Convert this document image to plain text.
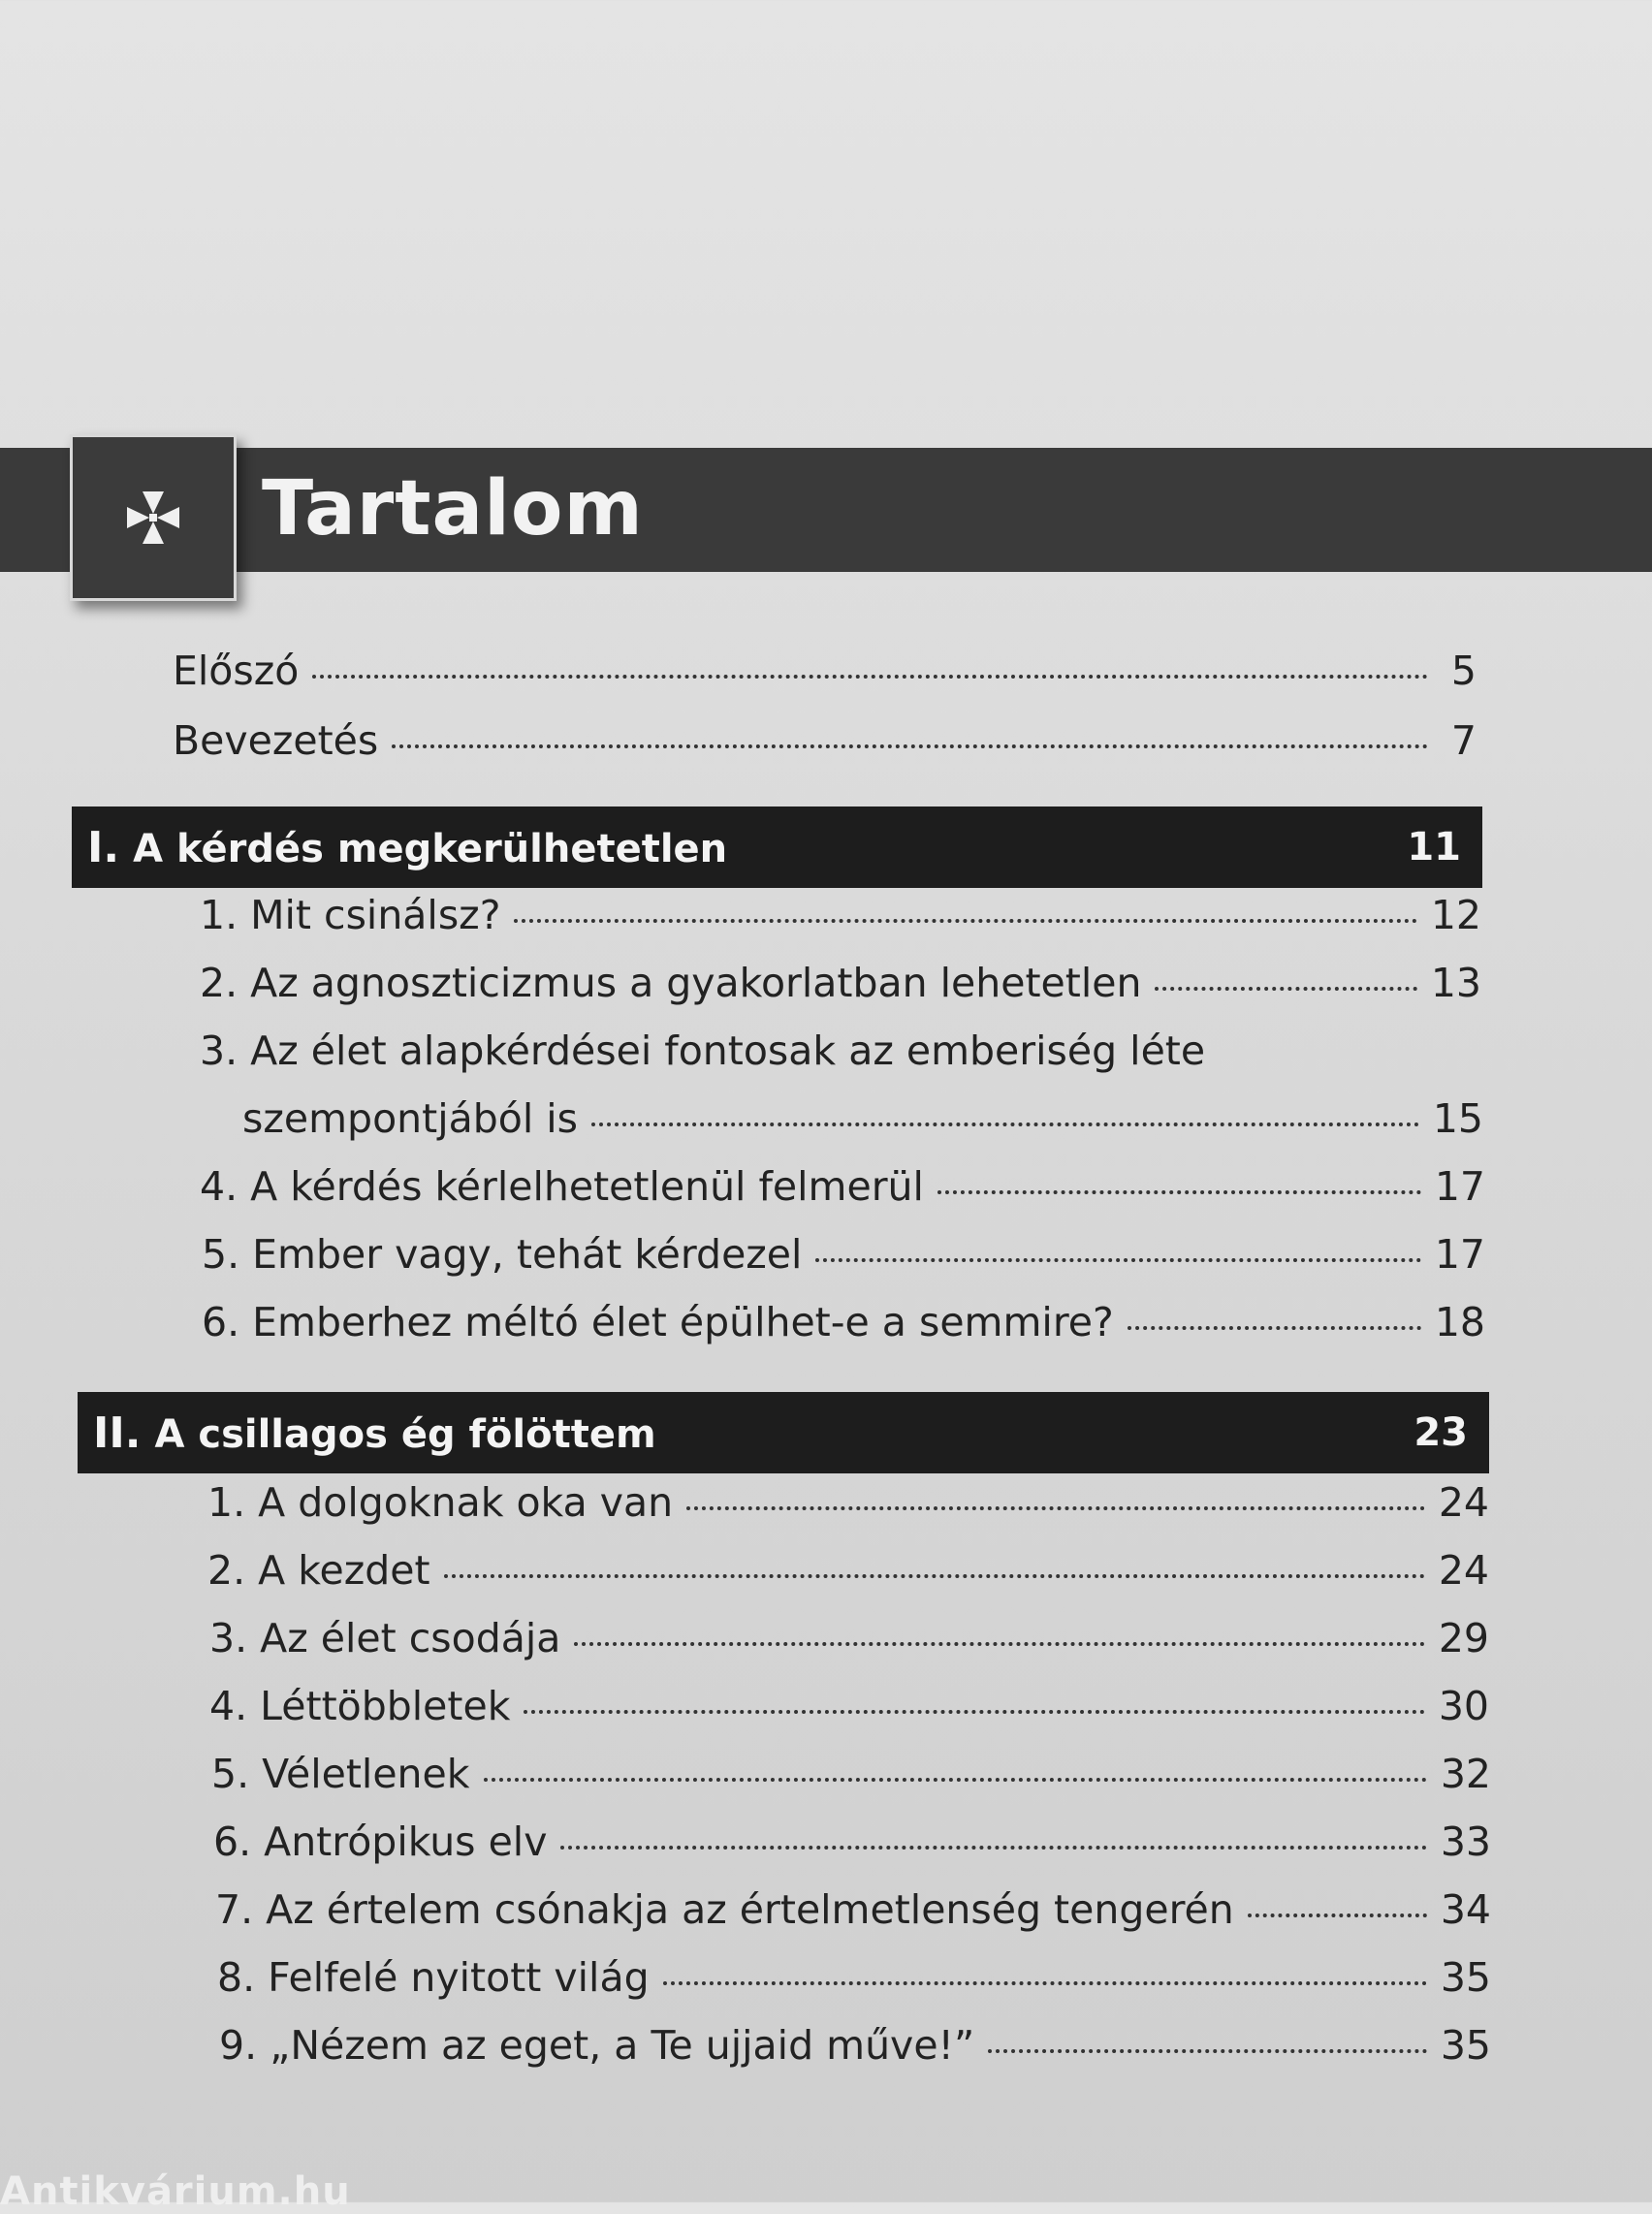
Tartalom
Előszó	5
Bevezetés	7
I. A kérdés megkerülhetetlen	11
1. Mit csinálsz?	12
2. Az agnoszticizmus a gyakorlatban lehetetlen	13
3. Az élet alapkérdései fontosak az emberiség léte
szempontjából is	15
4. A kérdés kérlelhetetlenül felmerül	17
5. Ember vagy, tehát kérdezel	17
6. Emberhez méltó élet épülhet-e a semmire?	18
II. A csillagos ég fölöttem	23
1. A dolgoknak oka van	24
2. A kezdet	24
3. Az élet csodája	29
4. Léttöbbletek	30
5. Véletlenek	32
6. Antrópikus elv	33
7. Az értelem csónakja az értelmetlenség tengerén	34
8. Felfelé nyitott világ	35
9. „Nézem az eget, a Te ujjaid műve!”	35
Antikvárium.hu
